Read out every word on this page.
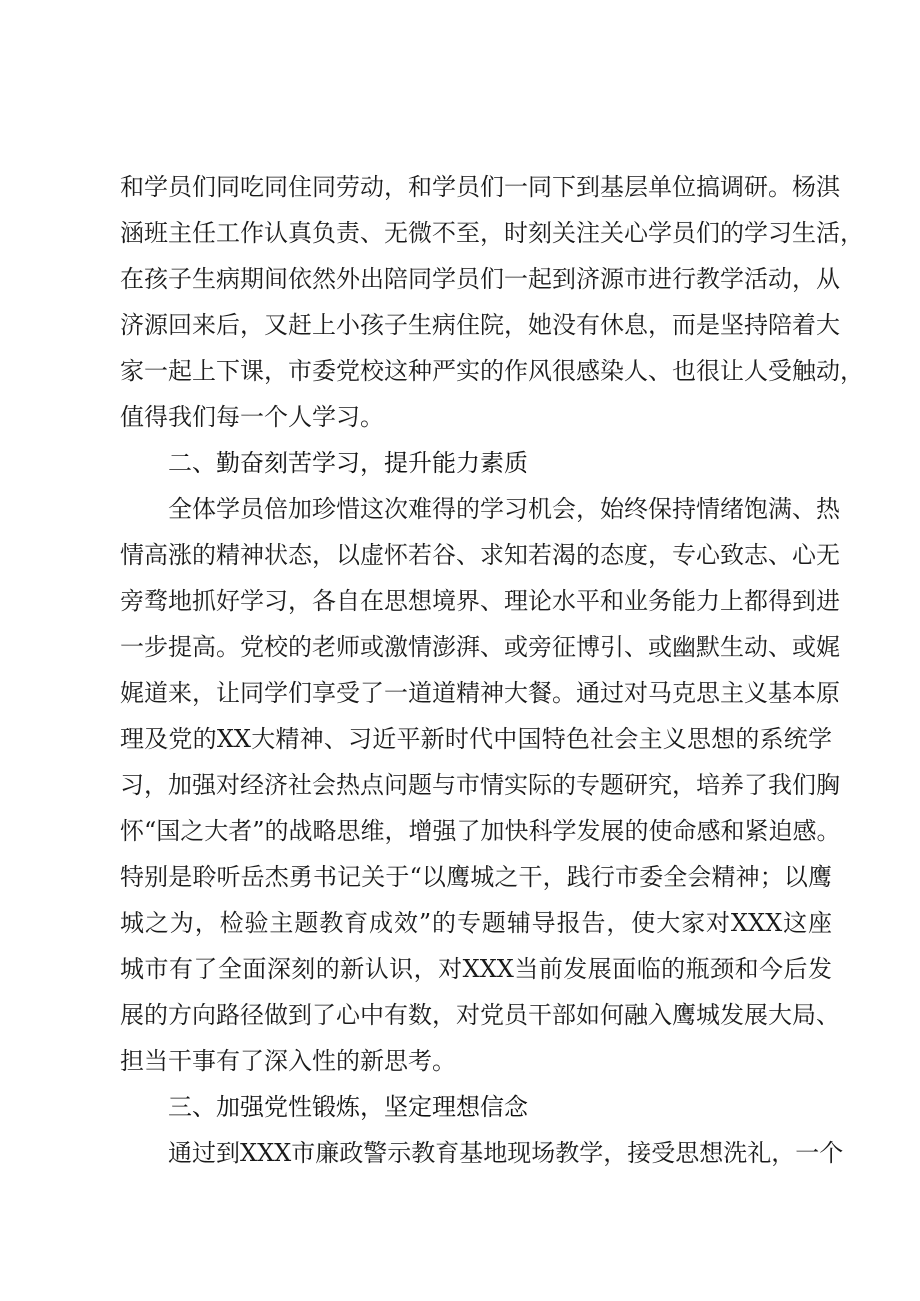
和学员们同吃同住同劳动，和学员们一同下到基层单位搞调研。杨淇
涵班主任工作认真负责、无微不至，时刻关注关心学员们的学习生活，
在孩子生病期间依然外出陪同学员们一起到济源市进行教学活动，从
济源回来后，又赶上小孩子生病住院，她没有休息，而是坚持陪着大
家一起上下课，市委党校这种严实的作风很感染人、也很让人受触动，
值得我们每一个人学习。
二、勤奋刻苦学习，提升能力素质
全体学员倍加珍惜这次难得的学习机会，始终保持情绪饱满、热
情高涨的精神状态，以虚怀若谷、求知若渴的态度，专心致志、心无
旁骛地抓好学习，各自在思想境界、理论水平和业务能力上都得到进
一步提高。党校的老师或激情澎湃、或旁征博引、或幽默生动、或娓
娓道来，让同学们享受了一道道精神大餐。通过对马克思主义基本原
理及党的XX大精神、习近平新时代中国特色社会主义思想的系统学
习，加强对经济社会热点问题与市情实际的专题研究，培养了我们胸
怀“国之大者”的战略思维，增强了加快科学发展的使命感和紧迫感。
特别是聆听岳杰勇书记关于“以鹰城之干，践行市委全会精神；以鹰
城之为，检验主题教育成效”的专题辅导报告，使大家对XXX这座
城市有了全面深刻的新认识，对XXX当前发展面临的瓶颈和今后发
展的方向路径做到了心中有数，对党员干部如何融入鹰城发展大局、
担当干事有了深入性的新思考。
三、加强党性锻炼，坚定理想信念
通过到XXX市廉政警示教育基地现场教学，接受思想洗礼，一个
